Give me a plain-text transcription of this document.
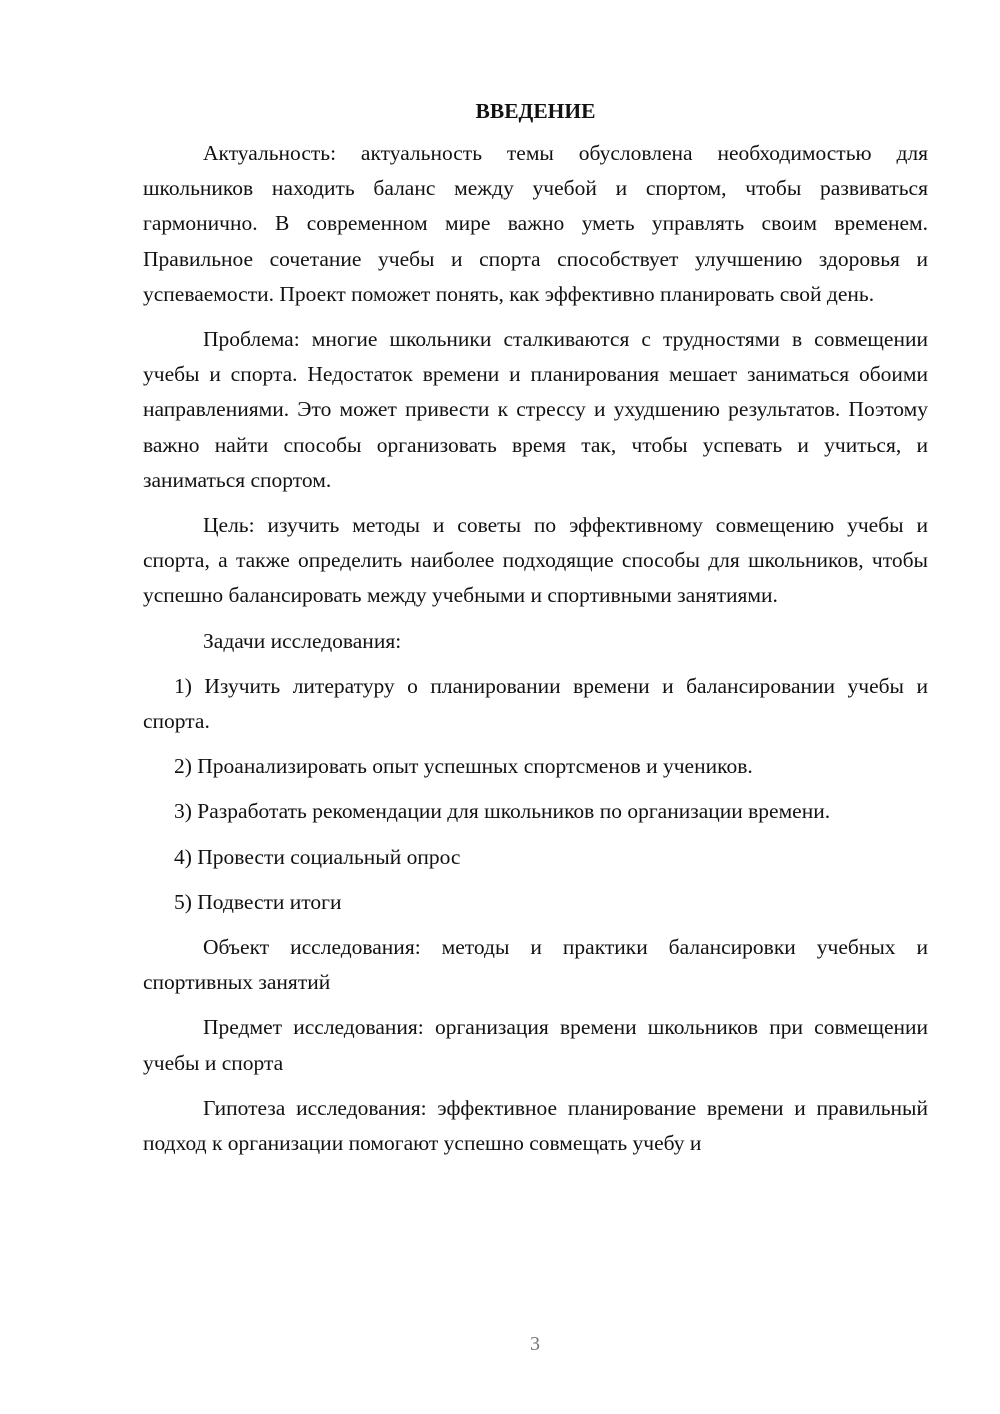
ВВЕДЕНИЕ

Актуальность: актуальность темы обусловлена необходимостью для школьников находить баланс между учебой и спортом, чтобы развиваться гармонично. В современном мире важно уметь управлять своим временем. Правильное сочетание учебы и спорта способствует улучшению здоровья и успеваемости. Проект поможет понять, как эффективно планировать свой день.

Проблема: многие школьники сталкиваются с трудностями в совмещении учебы и спорта. Недостаток времени и планирования мешает заниматься обоими направлениями. Это может привести к стрессу и ухудшению результатов. Поэтому важно найти способы организовать время так, чтобы успевать и учиться, и заниматься спортом.

Цель: изучить методы и советы по эффективному совмещению учебы и спорта, а также определить наиболее подходящие способы для школьников, чтобы успешно балансировать между учебными и спортивными занятиями.

Задачи исследования:

1) Изучить литературу о планировании времени и балансировании учебы и спорта.

2) Проанализировать опыт успешных спортсменов и учеников.

3) Разработать рекомендации для школьников по организации времени.

4) Провести социальный опрос

5) Подвести итоги

Объект исследования: методы и практики балансировки учебных и спортивных занятий

Предмет исследования: организация времени школьников при совмещении учебы и спорта

Гипотеза исследования: эффективное планирование времени и правильный подход к организации помогают успешно совмещать учебу и

3
